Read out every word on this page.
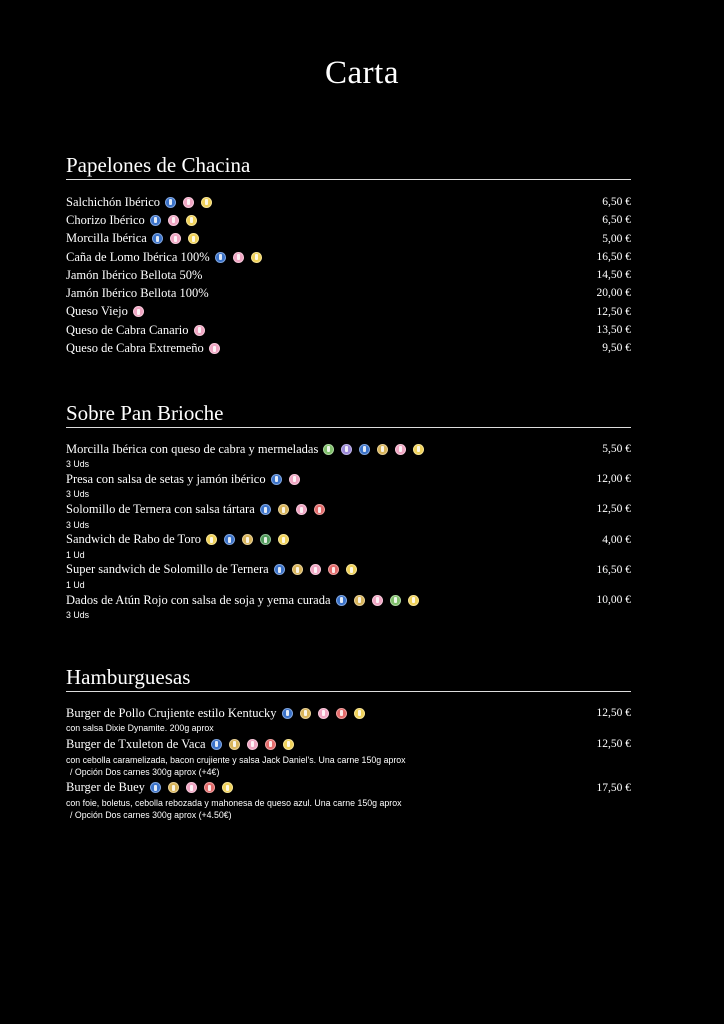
Carta
Papelones de Chacina
Salchichón Ibérico	6,50 €
Chorizo Ibérico	6,50 €
Morcilla Ibérica	5,00 €
Caña de Lomo Ibérica 100%	16,50 €
Jamón Ibérico Bellota 50%	14,50 €
Jamón Ibérico Bellota 100%	20,00 €
Queso Viejo	12,50 €
Queso de Cabra Canario	13,50 €
Queso de Cabra Extremeño	9,50 €
Sobre Pan Brioche
Morcilla Ibérica con queso de cabra y mermeladas	5,50 €
3 Uds
Presa con salsa de setas y jamón ibérico	12,00 €
3 Uds
Solomillo de Ternera con salsa tártara	12,50 €
3 Uds
Sandwich de Rabo de Toro	4,00 €
1 Ud
Super sandwich de Solomillo de Ternera	16,50 €
1 Ud
Dados de Atún Rojo con salsa de soja y yema curada	10,00 €
3 Uds
Hamburguesas
Burger de Pollo Crujiente estilo Kentucky	12,50 €
con salsa Dixie Dynamite. 200g aprox
Burger de Txuleton de Vaca	12,50 €
con cebolla caramelizada, bacon crujiente y salsa Jack Daniel's. Una carne 150g aprox
/ Opción Dos carnes 300g aprox (+4€)
Burger de Buey	17,50 €
con foie, boletus, cebolla rebozada y mahonesa de queso azul. Una carne 150g aprox
/ Opción Dos carnes 300g aprox (+4.50€)
